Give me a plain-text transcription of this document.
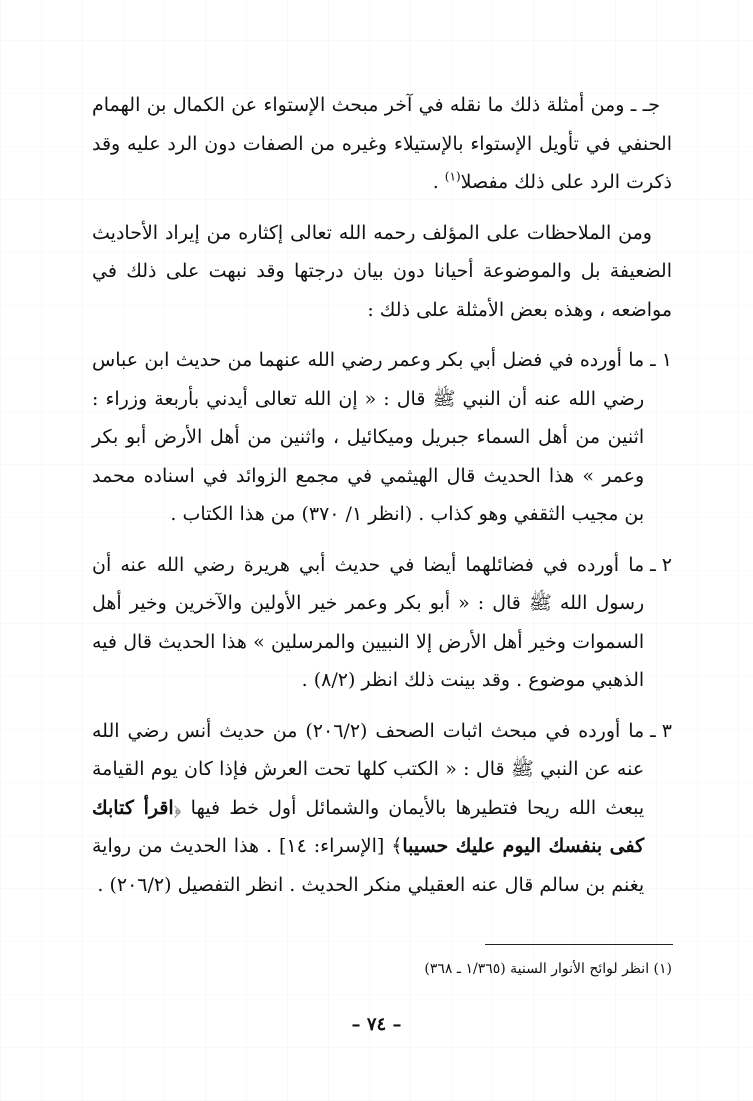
جـ ـ ومن أمثلة ذلك ما نقله في آخر مبحث الإستواء عن الكمال بن الهمام الحنفي في تأويل الإستواء بالإستيلاء وغيره من الصفات دون الرد عليه وقد ذكرت الرد على ذلك مفصلا$^{(١)}$ .

ومن الملاحظات على المؤلف رحمه الله تعالى إكثاره من إيراد الأحاديث الضعيفة بل والموضوعة أحيانا دون بيان درجتها وقد نبهت على ذلك في مواضعه ، وهذه بعض الأمثلة على ذلك :

١ ـ
ما أورده في فضل أبي بكر وعمر رضي الله عنهما من حديث ابن عباس رضي الله عنه أن النبي ﷺ قال : « إن الله تعالى أيدني بأربعة وزراء : اثنين من أهل السماء جبريل وميكائيل ، واثنين من أهل الأرض أبو بكر وعمر » هذا الحديث قال الهيثمي في مجمع الزوائد في اسناده محمد بن مجيب الثقفي وهو كذاب . (انظر ١/ ٣٧٠) من هذا الكتاب .
٢ ـ
ما أورده في فضائلهما أيضا في حديث أبي هريرة رضي الله عنه أن رسول الله ﷺ قال : « أبو بكر وعمر خير الأولين والآخرين وخير أهل السموات وخير أهل الأرض إلا النبيين والمرسلين » هذا الحديث قال فيه الذهبي موضوع . وقد بينت ذلك انظر (٨/٢) .
٣ ـ
ما أورده في مبحث اثبات الصحف (٢٠٦/٢) من حديث أنس رضي الله عنه عن النبي ﷺ قال : « الكتب كلها تحت العرش فإذا كان يوم القيامة يبعث الله ريحا فتطيرها بالأيمان والشمائل أول خط فيها ﴿اقرأ كتابك كفى بنفسك اليوم عليك حسيبا﴾ [الإسراء: ١٤] . هذا الحديث من رواية يغنم بن سالم قال عنه العقيلي منكر الحديث . انظر التفصيل (٢٠٦/٢) .
(١) انظر لوائح الأنوار السنية (١/٣٦٥ ـ ٣٦٨)
– ٧٤ –
